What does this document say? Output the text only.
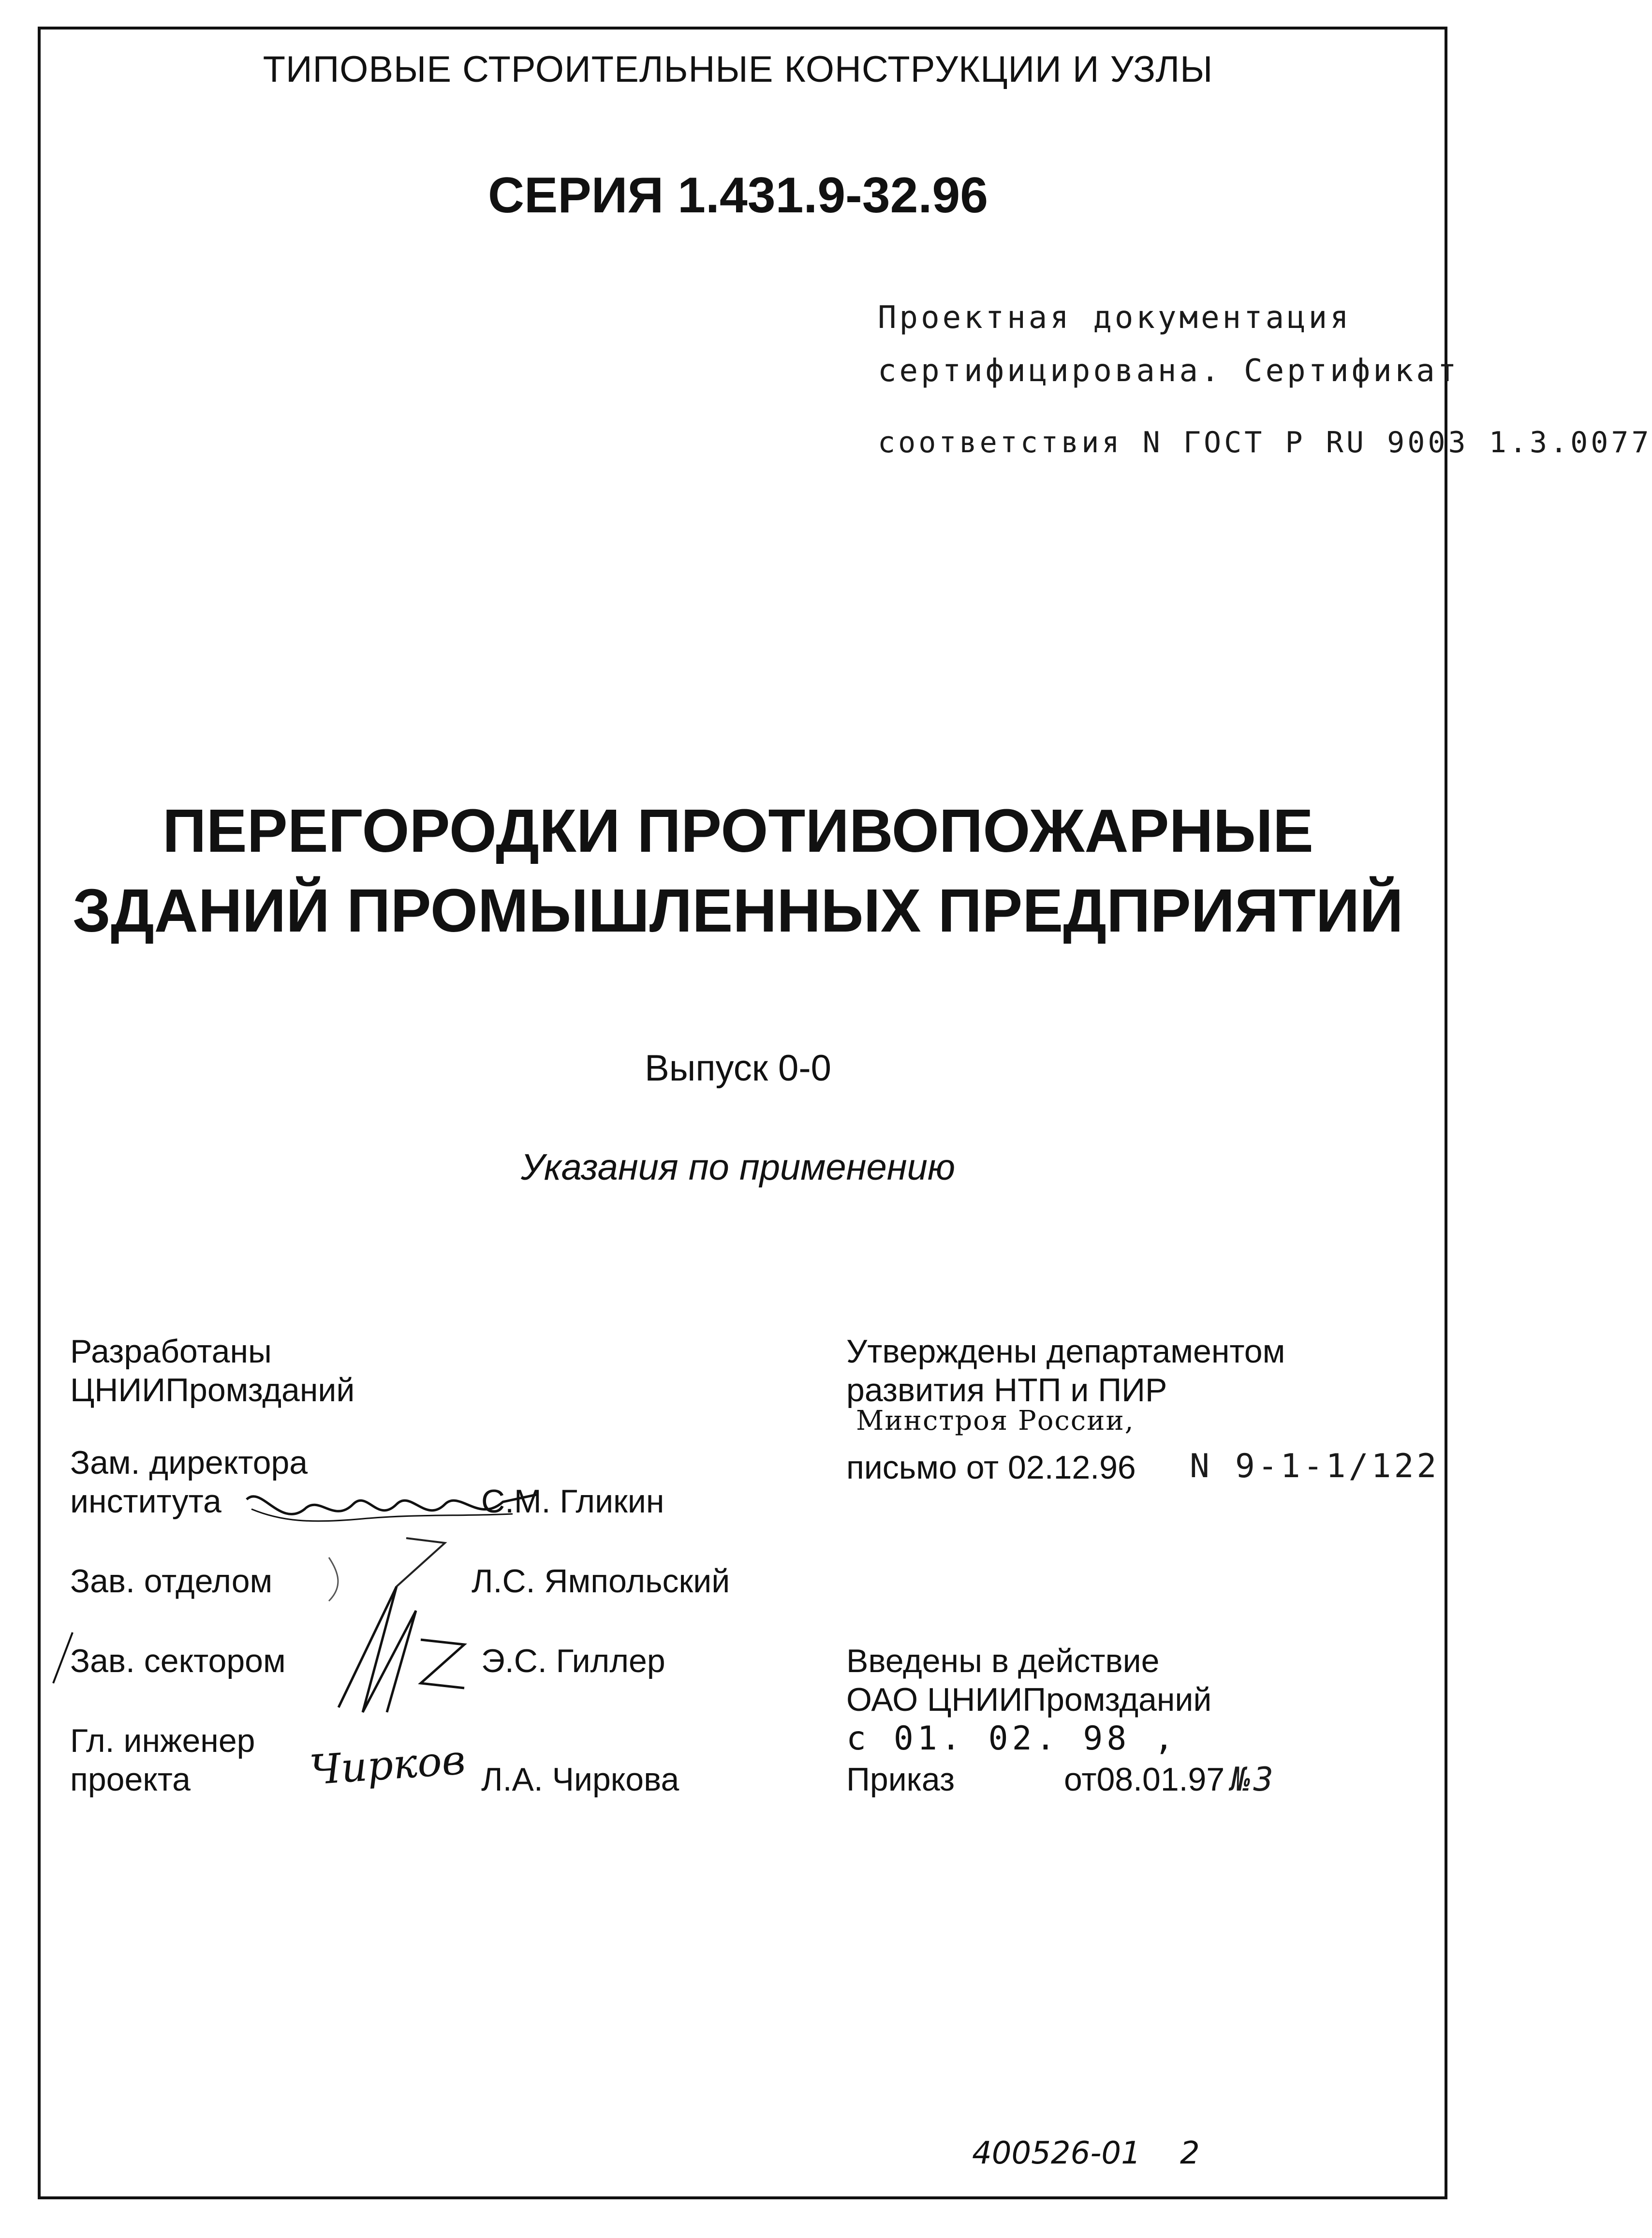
ТИПОВЫЕ СТРОИТЕЛЬНЫЕ КОНСТРУКЦИИ И УЗЛЫ
СЕРИЯ 1.431.9-32.96
Проектная документация
сертифицирована. Сертификат
соответствия N ГОСТ Р RU 9003 1.3.0077
ПЕРЕГОРОДКИ ПРОТИВОПОЖАРНЫЕ
ЗДАНИЙ ПРОМЫШЛЕННЫХ ПРЕДПРИЯТИЙ
Выпуск 0-0
Указания по применению
Разработаны
ЦНИИПромзданий
Зам. директора
института	С.М. Гликин
Зав. отделом	Л.С. Ямпольский
Зав. сектором	Э.С. Гиллер
Гл. инженер
проекта	Л.А. Чиркова
Чирков
Утверждены департаментом
развития НТП и ПИР
Минстроя России,
письмо от 02.12.96 N 9-1-1/122
Введены в действие
ОАО ЦНИИПромзданий
с 01. 02. 98 ,
Приказ	от08.01.97 №3
400526-01 2
